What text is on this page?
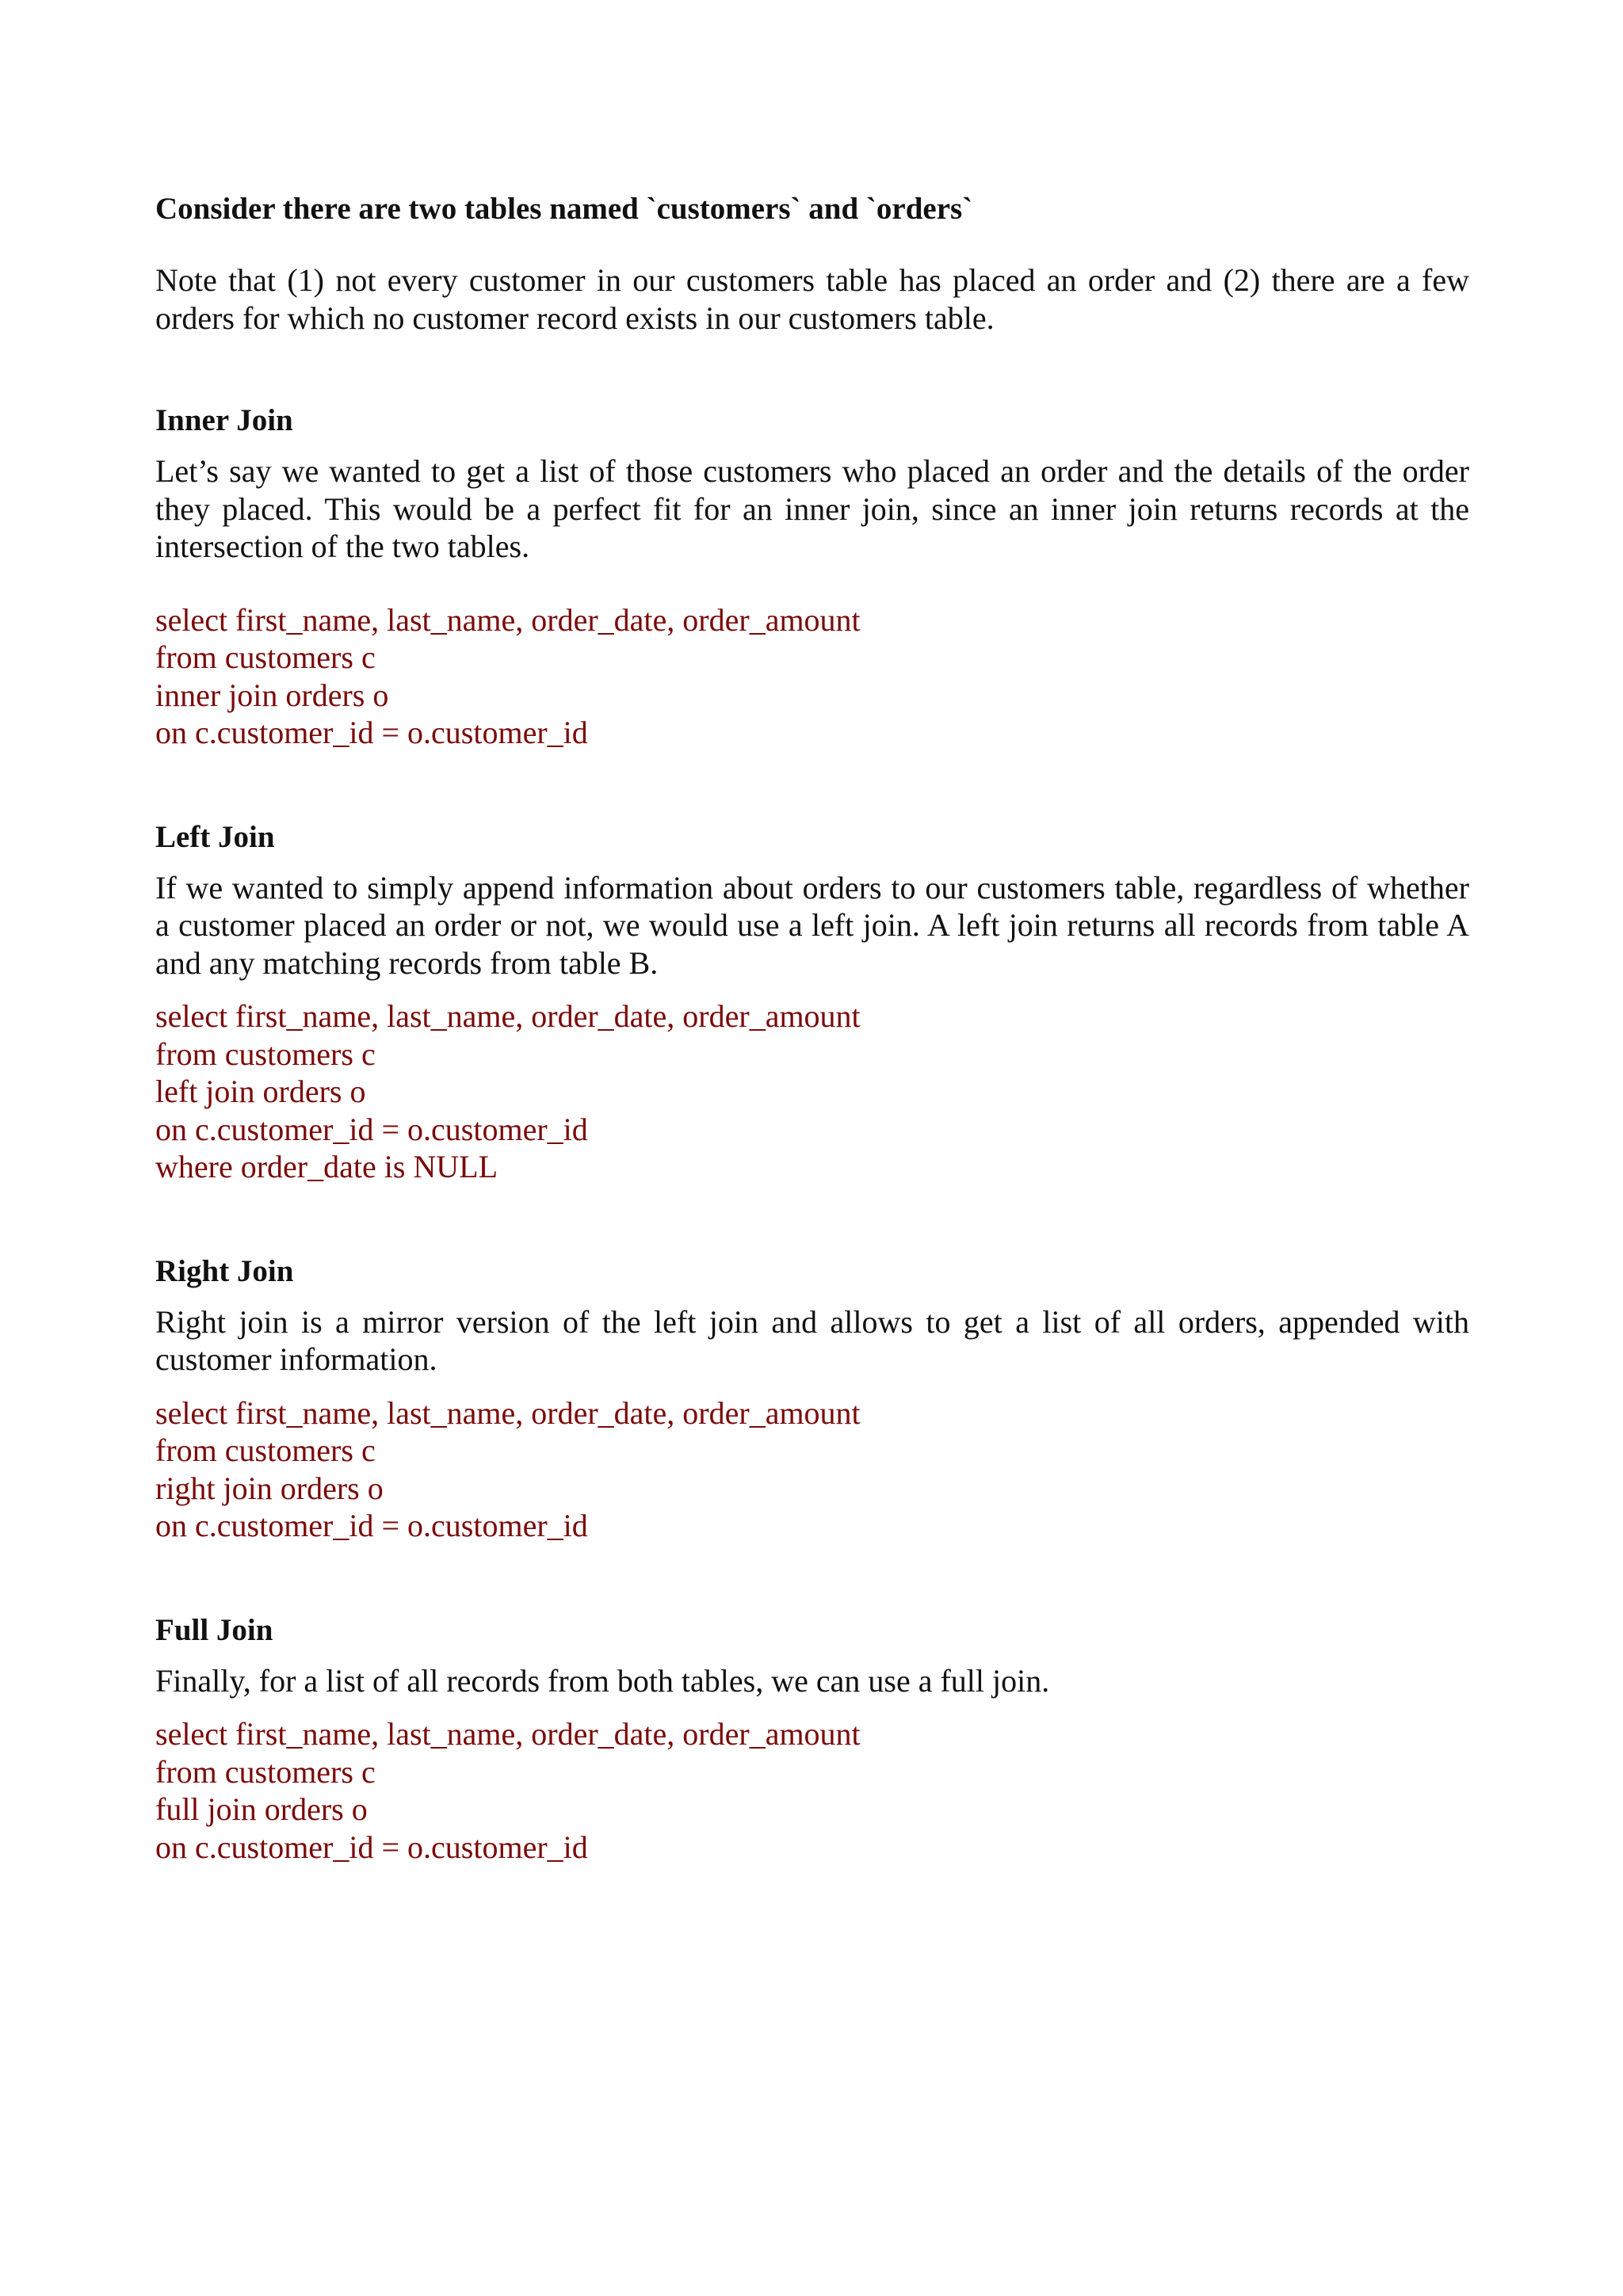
Consider there are two tables named `customers` and `orders`

Note that (1) not every customer in our customers table has placed an order and (2) there are a few orders for which no customer record exists in our customers table.

Inner Join

Let’s say we wanted to get a list of those customers who placed an order and the details of the order they placed. This would be a perfect fit for an inner join, since an inner join returns records at the intersection of the two tables.

select first_name, last_name, order_date, order_amount
from customers c
inner join orders o
on c.customer_id = o.customer_id
Left Join

If we wanted to simply append information about orders to our customers table, regardless of whether a customer placed an order or not, we would use a left join. A left join returns all records from table A and any matching records from table B.

select first_name, last_name, order_date, order_amount
from customers c
left join orders o
on c.customer_id = o.customer_id
where order_date is NULL
Right Join

Right join is a mirror version of the left join and allows to get a list of all orders, appended with customer information.

select first_name, last_name, order_date, order_amount
from customers c
right join orders o
on c.customer_id = o.customer_id
Full Join

Finally, for a list of all records from both tables, we can use a full join.

select first_name, last_name, order_date, order_amount
from customers c
full join orders o
on c.customer_id = o.customer_id
